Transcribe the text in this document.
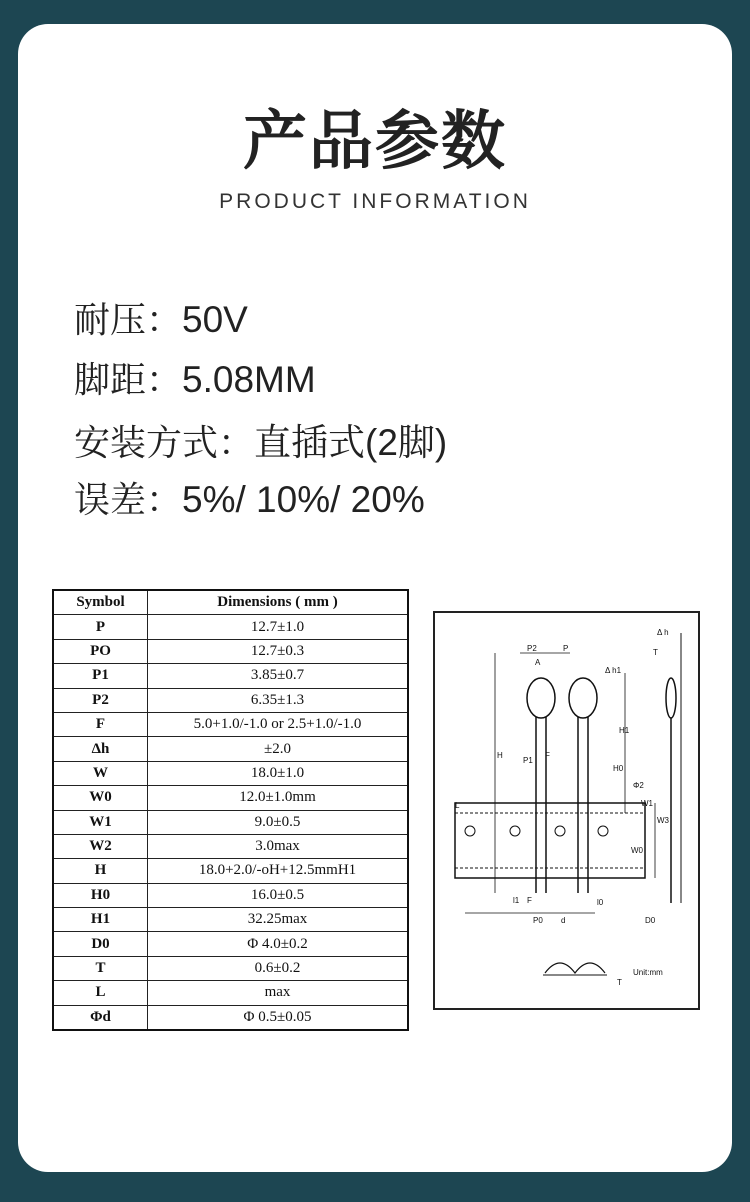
产品参数
PRODUCT INFORMATION
耐压：50V
脚距：5.08MM
安装方式：直插式(2脚)
误差：5%/ 10%/ 20%
Symbol	Dimensions ( mm )
P	12.7±1.0
PO	12.7±0.3
P1	3.85±0.7
P2	6.35±1.3
F	5.0+1.0/-1.0 or 2.5+1.0/-1.0
Δh	±2.0
W	18.0±1.0
W0	12.0±1.0mm
W1	9.0±0.5
W2	3.0max
H	18.0+2.0/-oH+12.5mmH1
H0	16.0±0.5
H1	32.25max
D0	Φ 4.0±0.2
T	0.6±0.2
L	max
Φd	Φ 0.5±0.05
P2	P
A
Δ h1
Δ h
T
H1
H
P1
F
H0
Φ2
W1
W3
W0
L
l1 F
P0 d
l0
D0
T
Unit:mm
